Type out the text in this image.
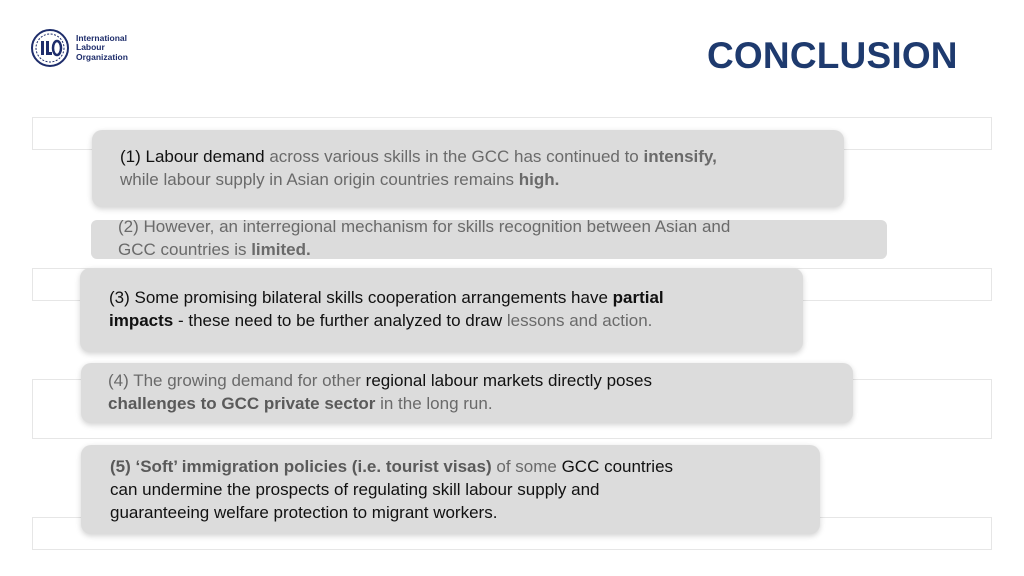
International
Labour
Organization	CONCLUSION
(1) Labour demand across various skills in the GCC has continued to intensify,
while labour supply in Asian origin countries remains high.
(2) However, an interregional mechanism for skills recognition between Asian and
GCC countries is limited.
(3) Some promising bilateral skills cooperation arrangements have partial
impacts - these need to be further analyzed to draw lessons and action.
(4) The growing demand for other regional labour markets directly poses
challenges to GCC private sector in the long run.
(5) ‘Soft’ immigration policies (i.e. tourist visas) of some GCC countries
can undermine the prospects of regulating skill labour supply and
guaranteeing welfare protection to migrant workers.
